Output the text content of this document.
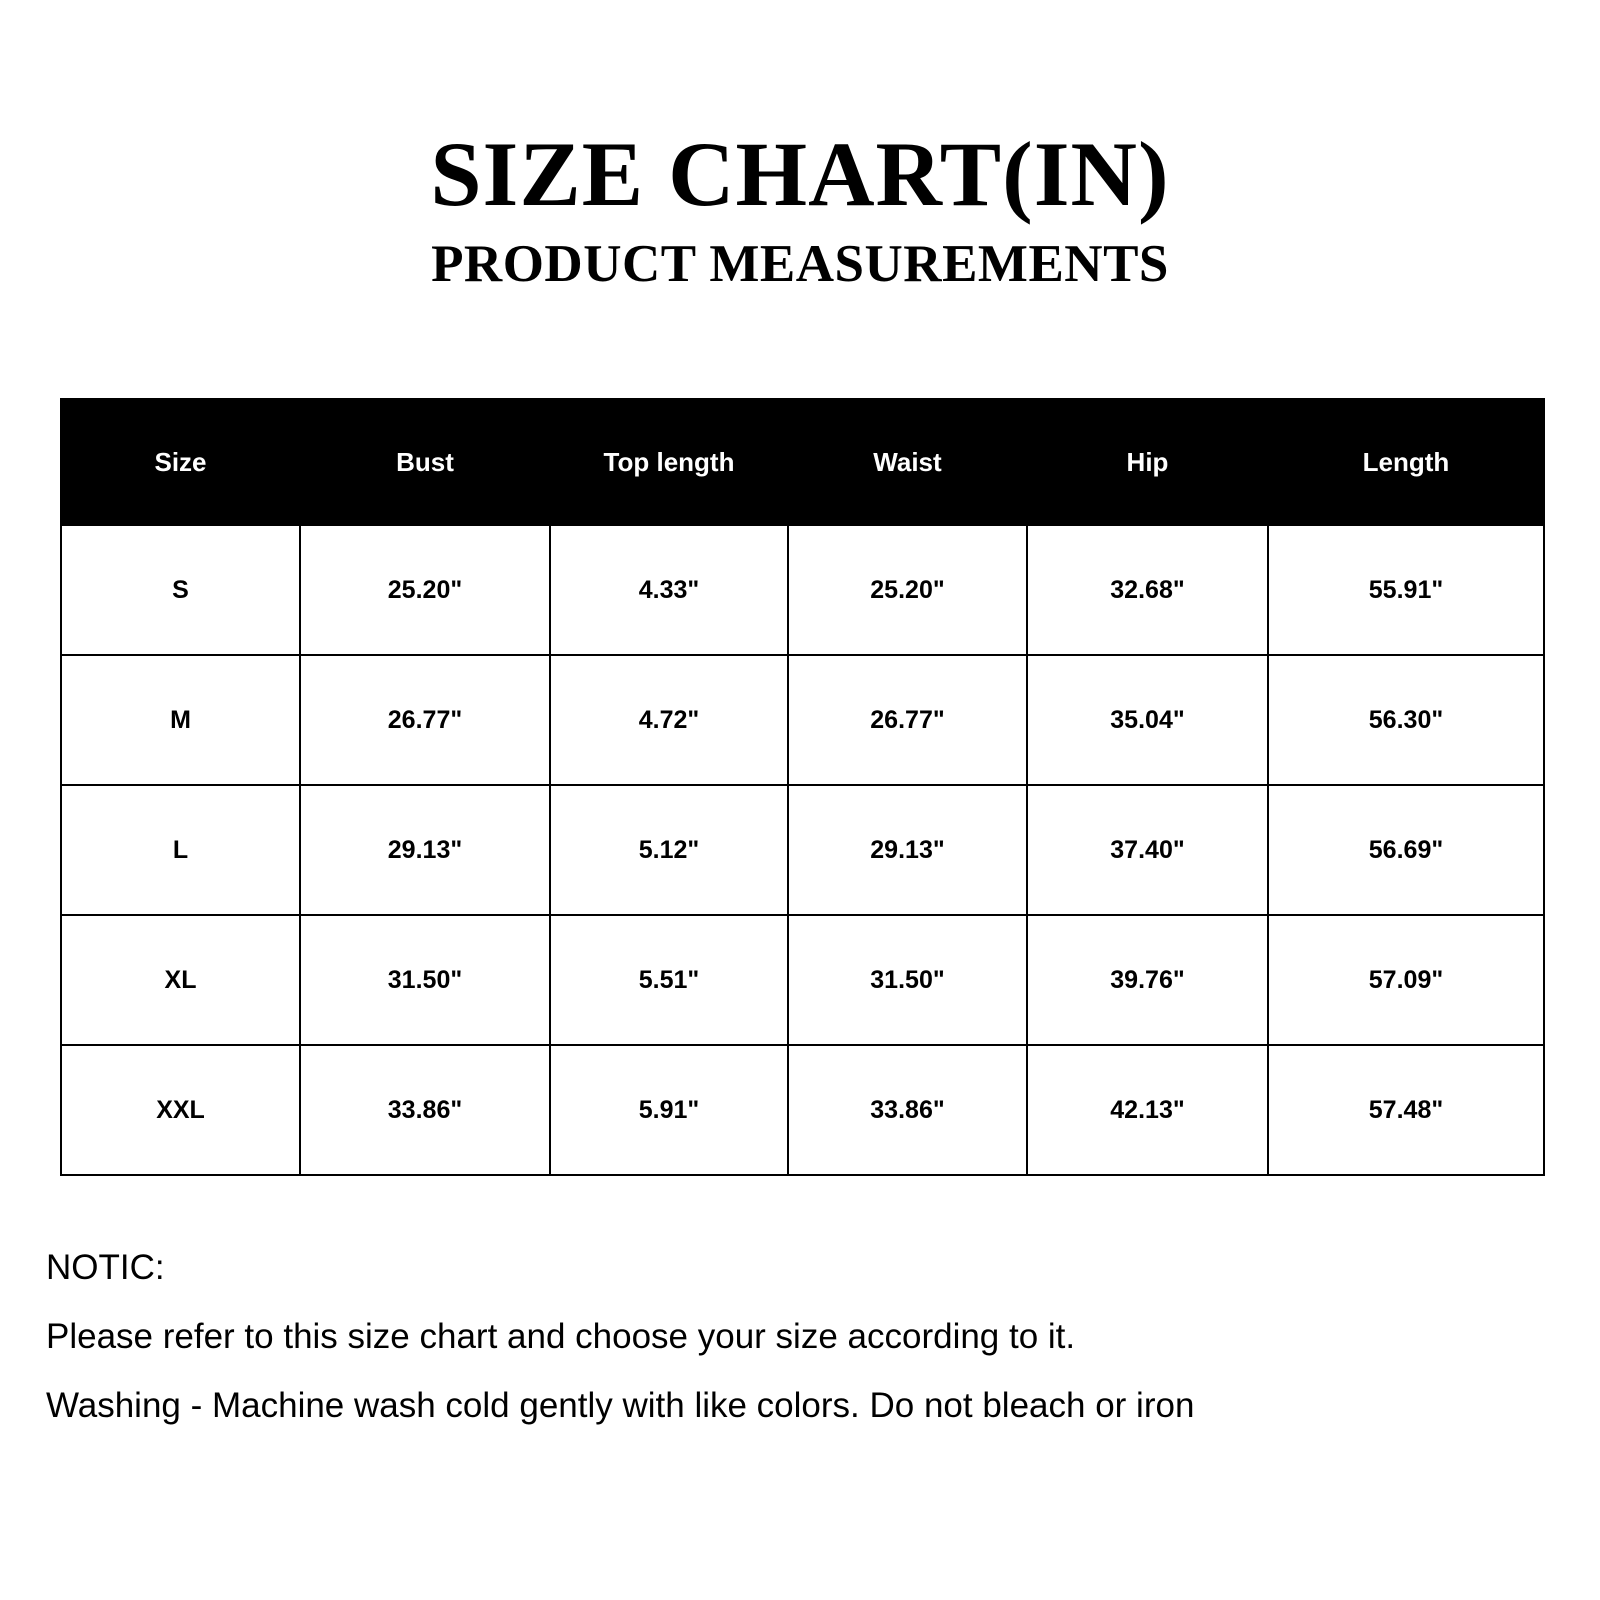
SIZE CHART(IN)
PRODUCT MEASUREMENTS
Size	Bust	Top length	Waist	Hip	Length
S	25.20"	4.33"	25.20"	32.68"	55.91"
M	26.77"	4.72"	26.77"	35.04"	56.30"
L	29.13"	5.12"	29.13"	37.40"	56.69"
XL	31.50"	5.51"	31.50"	39.76"	57.09"
XXL	33.86"	5.91"	33.86"	42.13"	57.48"

NOTIC:

Please refer to this size chart and choose your size according to it.

Washing - Machine wash cold gently with like colors. Do not bleach or iron
